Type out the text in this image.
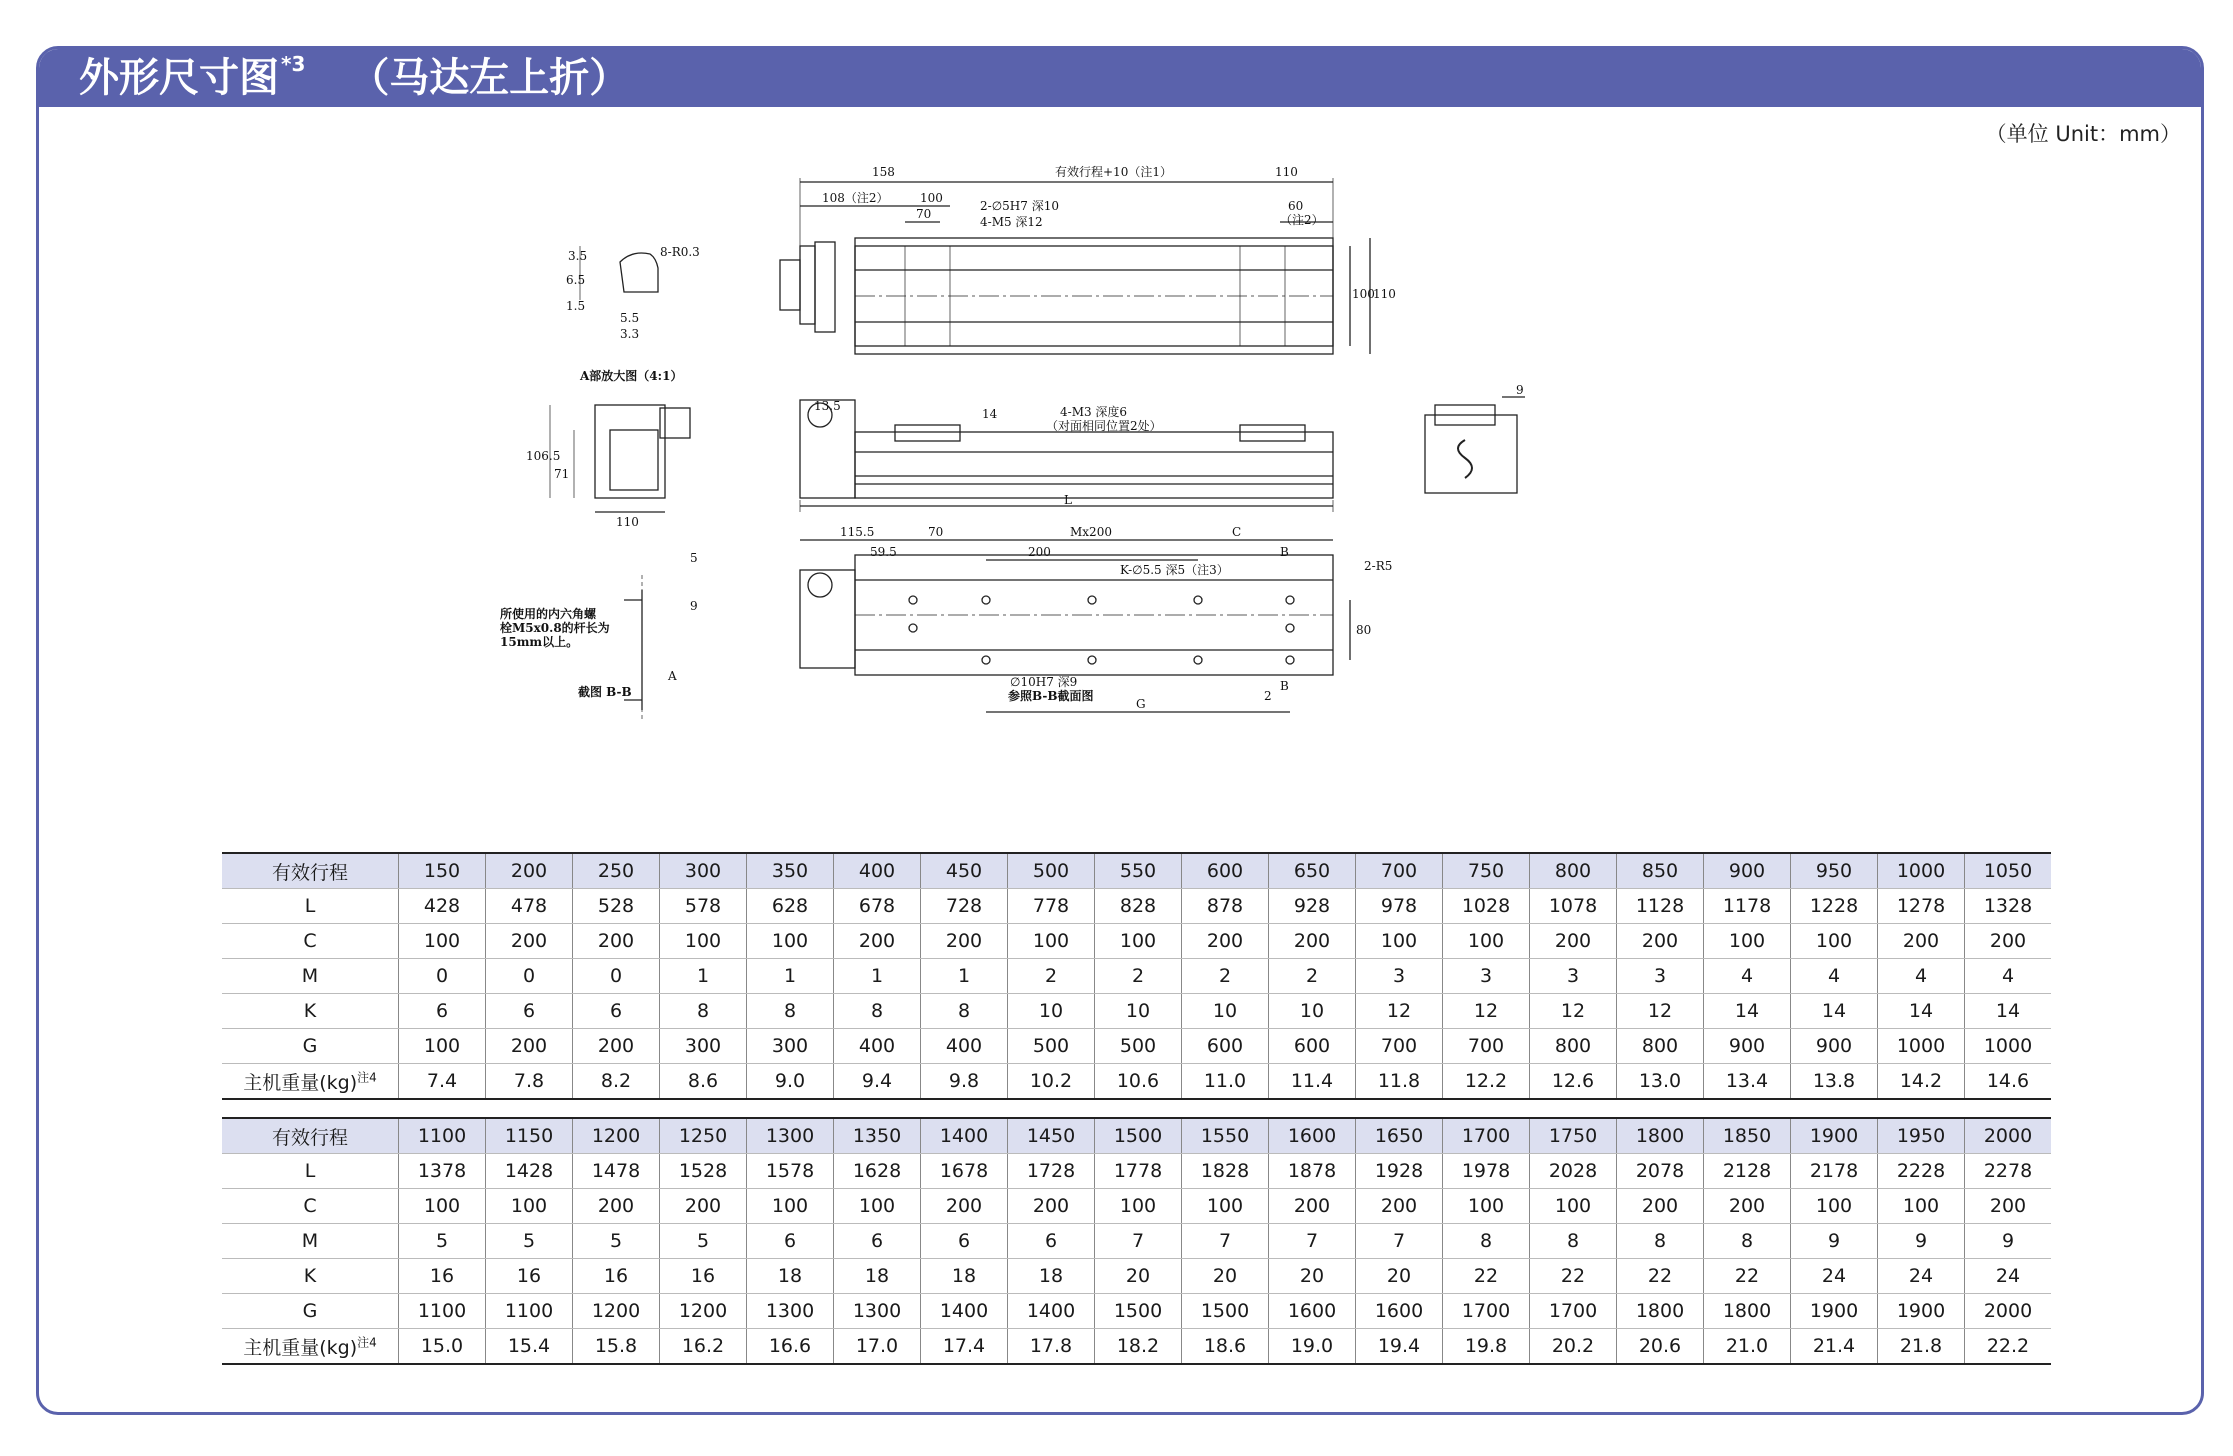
外形尺寸图 $^{*3}$ （马达左上折）
（单位 Unit：mm）
158	有效行程+10（注1）	110
108（注2）	100
70
2-∅5H7 深10
4-M5 深12
60
（注2）
100
110
8-R0.3
3.5
6.5
1.5
5.5
3.3
A部放大图（4:1）
13.5
14	4-M3 深度6
（对面相同位置2处）
106.5
71
110
L
9
115.5	70	Mx200	C
59.5	200
K-∅5.5 深5（注3）
B
2-R5
80
B
∅10H7 深9
参照B-B截面图
G
2
5
9
所使用的内六角螺
栓M5x0.8的杆长为
15mm以上。
A
截图 B-B
有效行程	150	200	250	300	350	400	450	500	550	600	650	700	750	800	850	900	950	1000	1050
L	428	478	528	578	628	678	728	778	828	878	928	978	1028	1078	1128	1178	1228	1278	1328
C	100	200	200	100	100	200	200	100	100	200	200	100	100	200	200	100	100	200	200
M	0	0	0	1	1	1	1	2	2	2	2	3	3	3	3	4	4	4	4
K	6	6	6	8	8	8	8	10	10	10	10	12	12	12	12	14	14	14	14
G	100	200	200	300	300	400	400	500	500	600	600	700	700	800	800	900	900	1000	1000
主机重量(kg)$^{注4}$	7.4	7.8	8.2	8.6	9.0	9.4	9.8	10.2	10.6	11.0	11.4	11.8	12.2	12.6	13.0	13.4	13.8	14.2	14.6
有效行程	1100	1150	1200	1250	1300	1350	1400	1450	1500	1550	1600	1650	1700	1750	1800	1850	1900	1950	2000
L	1378	1428	1478	1528	1578	1628	1678	1728	1778	1828	1878	1928	1978	2028	2078	2128	2178	2228	2278
C	100	100	200	200	100	100	200	200	100	100	200	200	100	100	200	200	100	100	200
M	5	5	5	5	6	6	6	6	7	7	7	7	8	8	8	8	9	9	9
K	16	16	16	16	18	18	18	18	20	20	20	20	22	22	22	22	24	24	24
G	1100	1100	1200	1200	1300	1300	1400	1400	1500	1500	1600	1600	1700	1700	1800	1800	1900	1900	2000
主机重量(kg)$^{注4}$	15.0	15.4	15.8	16.2	16.6	17.0	17.4	17.8	18.2	18.6	19.0	19.4	19.8	20.2	20.6	21.0	21.4	21.8	22.2
